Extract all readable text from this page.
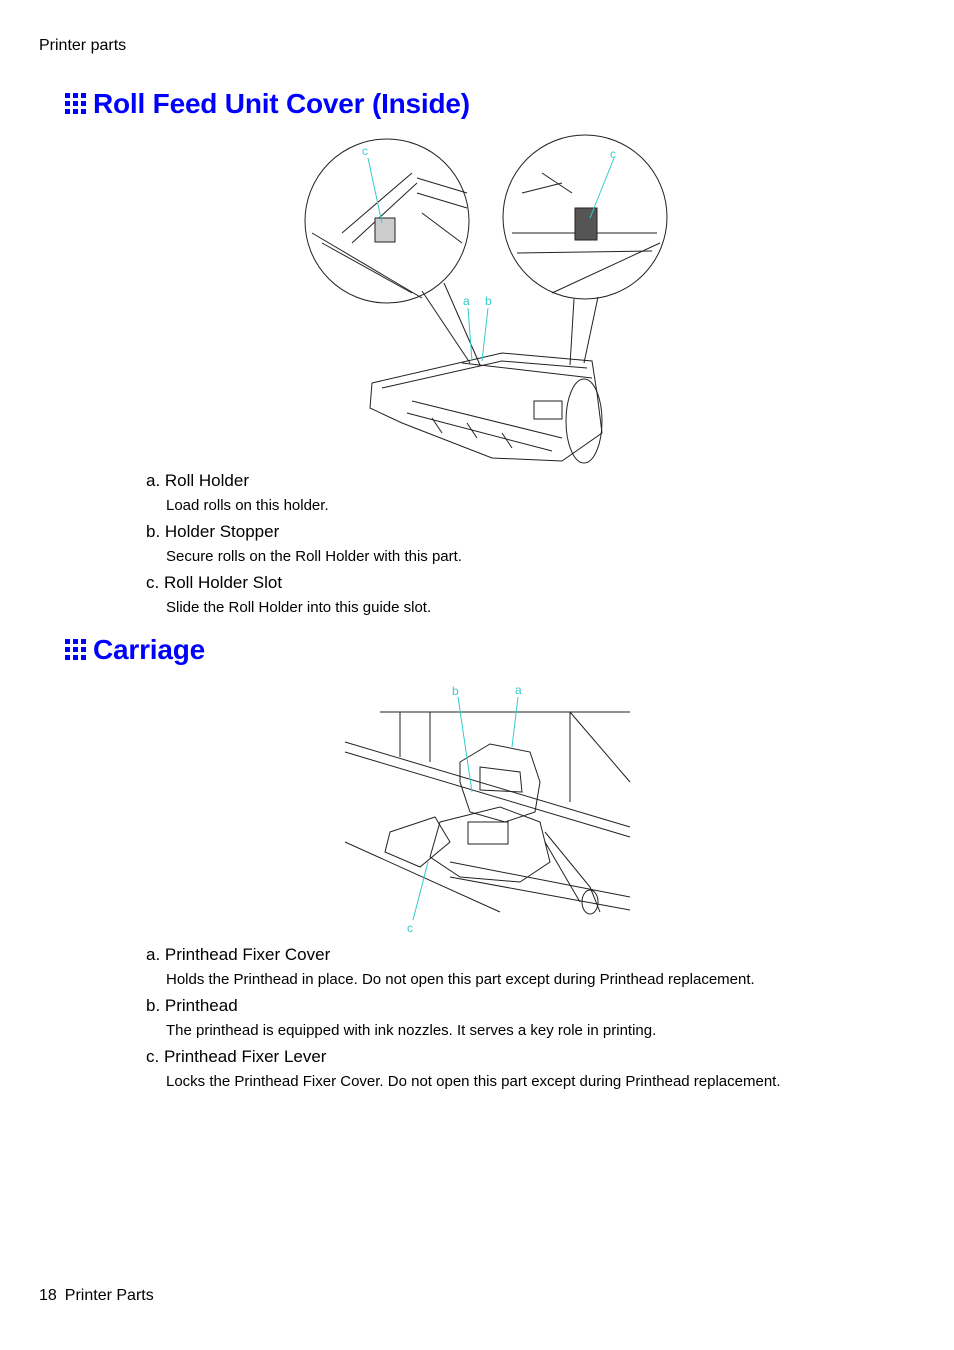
Printer parts
Roll Feed Unit Cover (Inside)
a b
c	c

a. Roll Holder

Load rolls on this holder.

b. Holder Stopper

Secure rolls on the Roll Holder with this part.

c. Roll Holder Slot

Slide the Roll Holder into this guide slot.

Carriage
b	a
c

a. Printhead Fixer Cover

Holds the Printhead in place. Do not open this part except during Printhead replacement.

b. Printhead

The printhead is equipped with ink nozzles. It serves a key role in printing.

c. Printhead Fixer Lever

Locks the Printhead Fixer Cover. Do not open this part except during Printhead replacement.

18 Printer Parts
